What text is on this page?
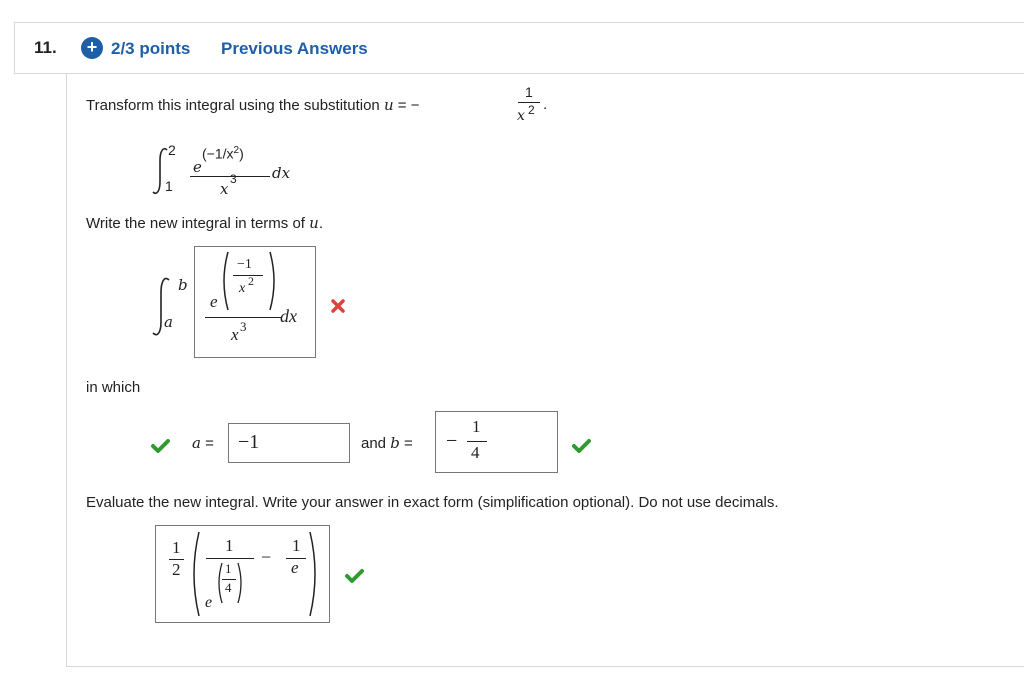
11.	+ 2/3 points Previous Answers
Transform this integral using the substitution u = −
1
x 2 .
2
1
e
$(-1/x^2)$
x
3 dx
Write the new integral in terms of u.
b
a
e
−1
x 2
x 3
dx
in which
a = −1	and b = −
1
4
Evaluate the new integral. Write your answer in exact form (simplification optional). Do not use decimals.
1
2
1
1
4
e
−
1
e
